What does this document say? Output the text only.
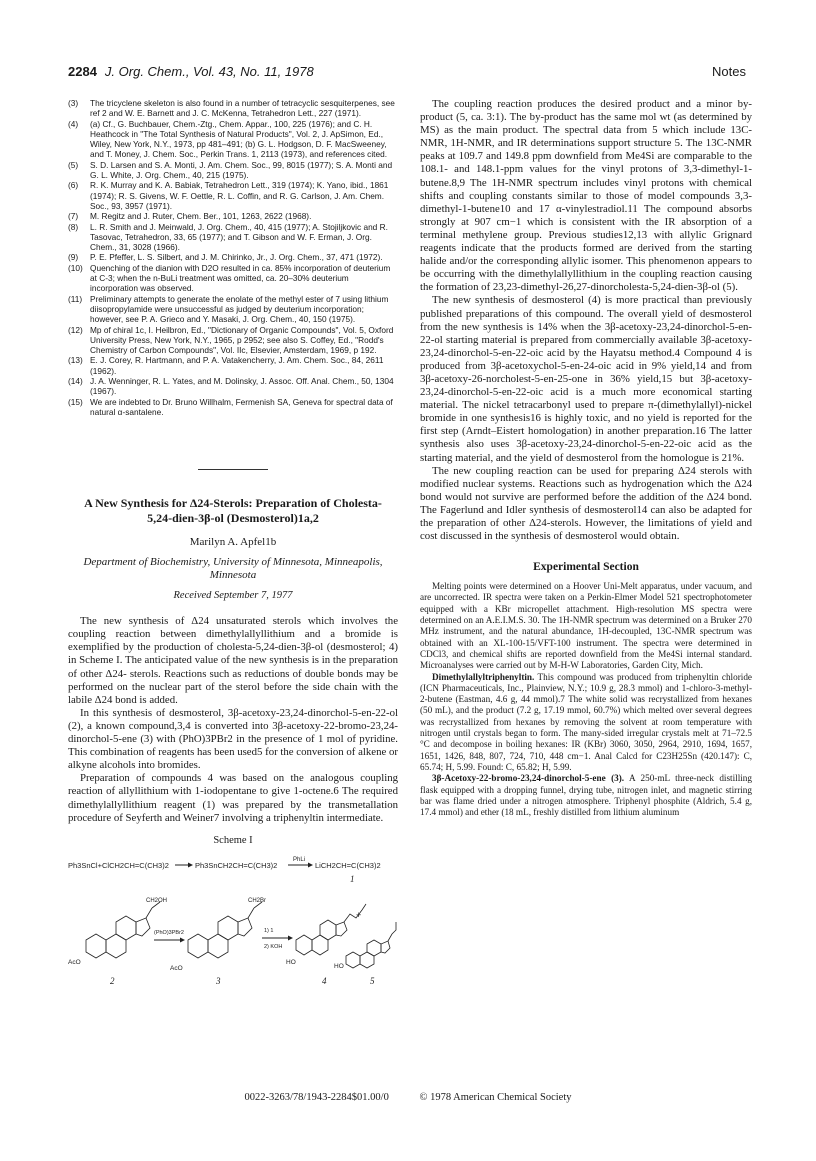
2284 J. Org. Chem., Vol. 43, No. 11, 1978	Notes
(3) The tricyclene skeleton is also found in a number of tetracyclic sesquiterpenes, see ref 2 and W. E. Barnett and J. C. McKenna, Tetrahedron Lett., 227 (1971).
(4) (a) Cf., G. Buchbauer, Chem.-Ztg., Chem. Appar., 100, 225 (1976); and C. H. Heathcock in "The Total Synthesis of Natural Products", Vol. 2, J. ApSimon, Ed., Wiley, New York, N.Y., 1973, pp 481–491; (b) G. L. Hodgson, D. F. MacSweeney, and T. Money, J. Chem. Soc., Perkin Trans. 1, 2113 (1973), and references cited.
(5) S. D. Larsen and S. A. Monti, J. Am. Chem. Soc., 99, 8015 (1977); S. A. Monti and G. L. White, J. Org. Chem., 40, 215 (1975).
(6) R. K. Murray and K. A. Babiak, Tetrahedron Lett., 319 (1974); K. Yano, ibid., 1861 (1974); R. S. Givens, W. F. Oettle, R. L. Coffin, and R. G. Carlson, J. Am. Chem. Soc., 93, 3957 (1971).
(7) M. Regitz and J. Ruter, Chem. Ber., 101, 1263, 2622 (1968).
(8) L. R. Smith and J. Meinwald, J. Org. Chem., 40, 415 (1977); A. Stojiljkovic and R. Tasovac, Tetrahedron, 33, 65 (1977); and T. Gibson and W. F. Erman, J. Org. Chem., 31, 3028 (1966).
(9) P. E. Pfeffer, L. S. Silbert, and J. M. Chirinko, Jr., J. Org. Chem., 37, 471 (1972).
(10) Quenching of the dianion with D2O resulted in ca. 85% incorporation of deuterium at C-3; when the n-BuLi treatment was omitted, ca. 20–30% deuterium incorporation was observed.
(11) Preliminary attempts to generate the enolate of the methyl ester of 7 using lithium diisopropylamide were unsuccessful as judged by deuterium incorporation; however, see P. A. Grieco and Y. Masaki, J. Org. Chem., 40, 150 (1975).
(12) Mp of chiral 1c, I. Heilbron, Ed., "Dictionary of Organic Compounds", Vol. 5, Oxford University Press, New York, N.Y., 1965, p 2952; see also S. Coffey, Ed., "Rodd's Chemistry of Carbon Compounds", Vol. IIc, Elsevier, Amsterdam, 1969, p 192.
(13) E. J. Corey, R. Hartmann, and P. A. Vatakencherry, J. Am. Chem. Soc., 84, 2611 (1962).
(14) J. A. Wenninger, R. L. Yates, and M. Dolinsky, J. Assoc. Off. Anal. Chem., 50, 1304 (1967).
(15) We are indebted to Dr. Bruno Willhalm, Fermenish SA, Geneva for spectral data of natural α-santalene.
A New Synthesis for Δ24-Sterols: Preparation of Cholesta-5,24-dien-3β-ol (Desmosterol)1a,2
Marilyn A. Apfel1b
Department of Biochemistry, University of Minnesota, Minneapolis, Minnesota
Received September 7, 1977

The new synthesis of Δ24 unsaturated sterols which involves the coupling reaction between dimethylallyllithium and a bromide is exemplified by the production of cholesta-5,24-dien-3β-ol (desmosterol; 4) in Scheme I. The anticipated value of the new synthesis is in the preparation of other Δ24- sterols. Reactions such as reductions of double bonds may be performed on the nuclear part of the sterol before the side chain with the labile Δ24 bond is added.

In this synthesis of desmosterol, 3β-acetoxy-23,24-dinorchol-5-en-22-ol (2), a known compound,3,4 is converted into 3β-acetoxy-22-bromo-23,24-dinorchol-5-ene (3) with (PhO)3PBr2 in the presence of 1 mol of pyridine. This combination of reagents has been used5 for the conversion of alkene or alkyne alcohols into bromides.

Preparation of compounds 4 was based on the analogous coupling reaction of allyllithium with 1-iodopentane to give 1-octene.6 The required dimethylallyllithium reagent (1) was prepared by the transmetallation procedure of Seyferth and Weiner7 involving a triphenyltin intermediate.

Scheme I
Ph3SnCl+ClCH2CH=C(CH3)2	Ph3SnCH2CH=C(CH3)2
PhLi
LiCH2CH=C(CH3)2
1
CH2OH
AcO
2
(PhO)3PBr2
CH2Br
AcO
3
1) 1
2) KOH
+
HO
4
HO
5

The coupling reaction produces the desired product and a minor by-product (5, ca. 3:1). The by-product has the same mol wt (as determined by MS) as the main product. The spectral data from 5 which include 13C-NMR, 1H-NMR, and IR determinations support structure 5. The 13C-NMR peaks at 109.7 and 149.8 ppm downfield from Me4Si are comparable to the 108.1- and 148.1-ppm values for the vinyl protons of 3,3-dimethyl-1-butene.8,9 The 1H-NMR spectrum includes vinyl protons with chemical shifts and coupling constants similar to those of model compounds 3,3-dimethyl-1-butene10 and 17 α-vinylestradiol.11 The compound absorbs strongly at 907 cm−1 which is consistent with the IR absorption of a terminal methylene group. Previous studies12,13 with allylic Grignard reagents indicate that the products formed are derived from the starting halide and/or the corresponding allylic isomer. This phenomenon appears to be occurring with the dimethylallyllithium in the coupling reaction causing the formation of 23,23-dimethyl-26,27-dinorcholesta-5,24-dien-3β-ol (5).

The new synthesis of desmosterol (4) is more practical than previously published preparations of this compound. The overall yield of desmosterol from the new synthesis is 14% when the 3β-acetoxy-23,24-dinorchol-5-en-22-ol starting material is prepared from commercially available 3β-acetoxy-23,24-dinorchol-5-en-22-oic acid by the Hayatsu method.4 Compound 4 is produced from 3β-acetoxychol-5-en-24-oic acid in 9% yield,14 and from 3β-acetoxy-26-norcholest-5-en-25-one in 36% yield,15 but 3β-acetoxy-23,24-dinorchol-5-en-22-oic acid is a much more economical starting material. The nickel tetracarbonyl used to prepare π-(dimethylallyl)-nickel bromide in one synthesis16 is highly toxic, and no yield is reported for the first step (Arndt–Eistert homologation) in another preparation.16 The latter synthesis also uses 3β-acetoxy-23,24-dinorchol-5-en-22-oic acid as the starting material, and the yield of desmosterol from the homologue is 21%.

The new coupling reaction can be used for preparing Δ24 sterols with modified nuclear systems. Reactions such as hydrogenation which the Δ24 bond would not survive are performed before the addition of the Δ24 bond. The Fagerlund and Idler synthesis of desmosterol14 can also be adapted for the preparation of other Δ24-sterols. However, the limitations of yield and cost discussed in the synthesis of desmosterol would obtain.

Experimental Section

Melting points were determined on a Hoover Uni-Melt apparatus, under vacuum, and are uncorrected. IR spectra were taken on a Perkin-Elmer Model 521 spectrophotometer equipped with a KBr micropellet attachment. High-resolution MS spectra were determined on an A.E.I.M.S. 30. The 1H-NMR spectrum was determined on a Bruker 270 MHz instrument, and the natural abundance, 1H-decoupled, 13C-NMR spectrum was obtained with an XL-100-15/VFT-100 instrument. The spectra were determined in CDCl3, and chemical shifts are reported downfield from the Me4Si internal standard. Microanalyses were carried out by M-H-W Laboratories, Garden City, Mich.

Dimethylallyltriphenyltin. This compound was produced from triphenyltin chloride (ICN Pharmaceuticals, Inc., Plainview, N.Y.; 10.9 g, 28.3 mmol) and 1-chloro-3-methyl-2-butene (Eastman, 4.6 g, 44 mmol).7 The white solid was recrystallized from hexanes (50 mL), and the product (7.2 g, 17.19 mmol, 60.7%) which melted over several degrees was recrystallized from hexanes by removing the solvent at room temperature with nitrogen until crystals began to form. The many-sided irregular crystals melt at 71–72.5 °C and decompose in boiling hexanes: IR (KBr) 3060, 3050, 2964, 2910, 1694, 1657, 1651, 1426, 848, 807, 724, 710, 448 cm−1. Anal Calcd for C23H25Sn (420.147): C, 65.74; H, 5.99. Found: C, 65.82; H, 5.99.

3β-Acetoxy-22-bromo-23,24-dinorchol-5-ene (3). A 250-mL three-neck distilling flask equipped with a dropping funnel, drying tube, nitrogen inlet, and magnetic stirring bar was flame dried under a nitrogen atmosphere. Triphenyl phosphite (Aldrich, 5.4 g, 17.4 mmol) and ether (18 mL, freshly distilled from lithium aluminum

0022-3263/78/1943-2284$01.00/0	© 1978 American Chemical Society
